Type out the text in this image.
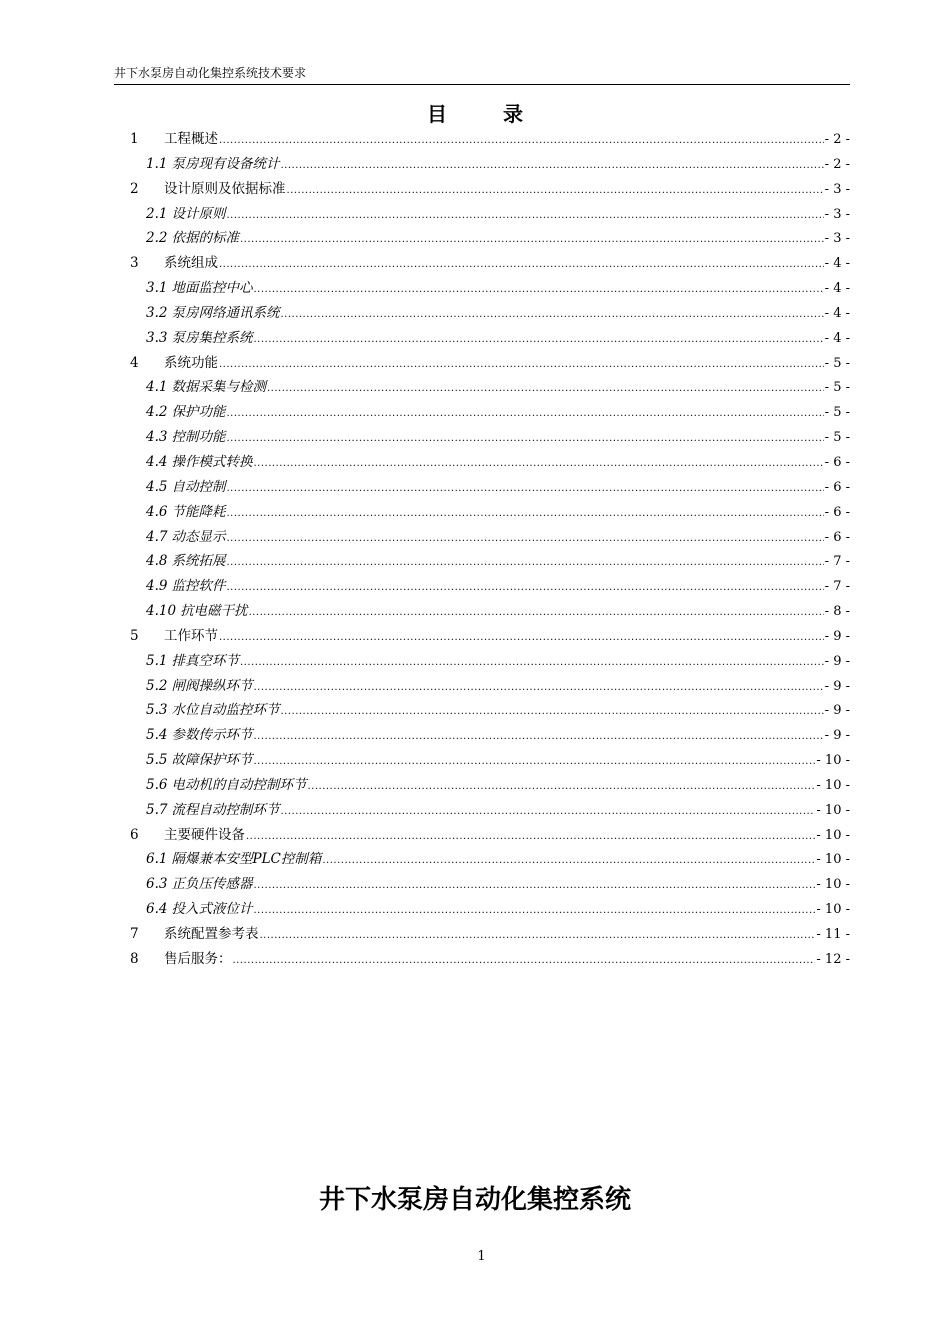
井下水泵房自动化集控系统技术要求
目	录
1	工程概述 .....	- 2 -
1.1 泵房现有设备统计 .....	- 2 -
2	设计原则及依据标准 .....	- 3 -
2.1 设计原则 .....	- 3 -
2.2 依据的标准 .....	- 3 -
3	系统组成 .....	- 4 -
3.1 地面监控中心 .....	- 4 -
3.2 泵房网络通讯系统 .....	- 4 -
3.3 泵房集控系统 .....	- 4 -
4	系统功能 .....	- 5 -
4.1 数据采集与检测 .....	- 5 -
4.2 保护功能 .....	- 5 -
4.3 控制功能 .....	- 5 -
4.4 操作模式转换 .....	- 6 -
4.5 自动控制 .....	- 6 -
4.6 节能降耗 .....	- 6 -
4.7 动态显示 .....	- 6 -
4.8 系统拓展 .....	- 7 -
4.9 监控软件 .....	- 7 -
4.10 抗电磁干扰 .....	- 8 -
5	工作环节 .....	- 9 -
5.1 排真空环节 .....	- 9 -
5.2 闸阀操纵环节 .....	- 9 -
5.3 水位自动监控环节 .....	- 9 -
5.4 参数传示环节 .....	- 9 -
5.5 故障保护环节 .....	- 10 -
5.6 电动机的自动控制环节 .....	- 10 -
5.7 流程自动控制环节 .....	- 10 -
6	主要硬件设备 .....	- 10 -
6.1 隔爆兼本安型PLC控制箱 .....	- 10 -
6.3 正负压传感器 .....	- 10 -
6.4 投入式液位计 .....	- 10 -
7	系统配置参考表 .....	- 11 -
8	售后服务： .....	- 12 -
井下水泵房自动化集控系统
1
